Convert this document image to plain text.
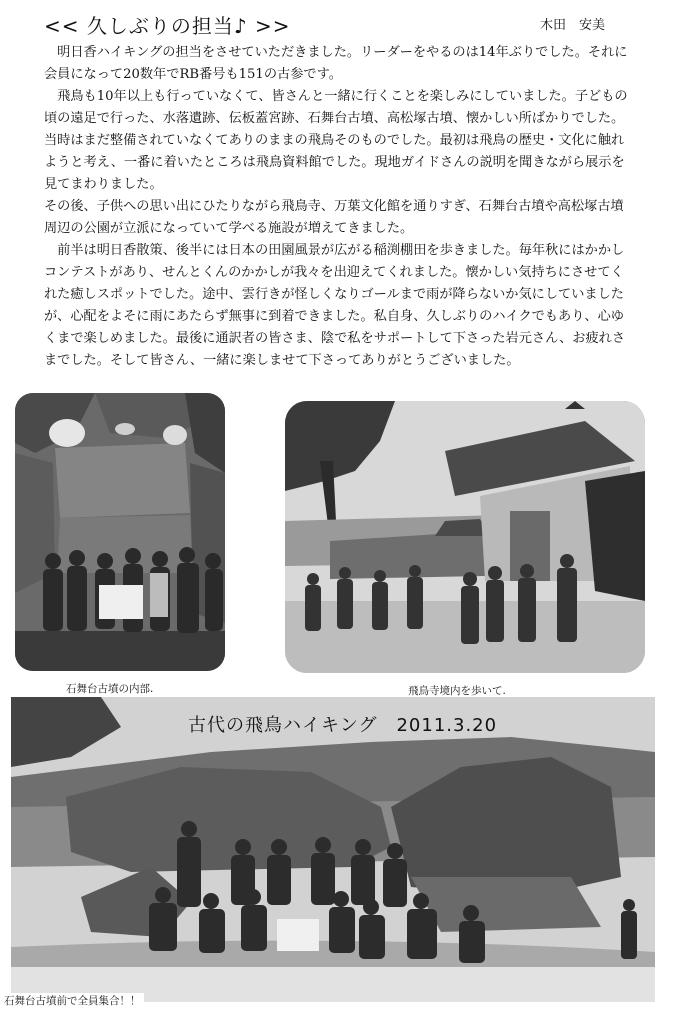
<< 久しぶりの担当♪ >>	木田　安美

　明日香ハイキングの担当をさせていただきました。リーダーをやるのは14年ぶりでした。それに
会員になって20数年でRB番号も151の古参です。

　飛鳥も10年以上も行っていなくて、皆さんと一緒に行くことを楽しみにしていました。子どもの
頃の遠足で行った、水落遺跡、伝板蓋宮跡、石舞台古墳、高松塚古墳、懐かしい所ばかりでした。
当時はまだ整備されていなくてありのままの飛鳥そのものでした。最初は飛鳥の歴史・文化に触れ
ようと考え、一番に着いたところは飛鳥資料館でした。現地ガイドさんの説明を聞きながら展示を
見てまわりました。

その後、子供への思い出にひたりながら飛鳥寺、万葉文化館を通りすぎ、石舞台古墳や高松塚古墳
周辺の公園が立派になっていて学べる施設が増えてきました。

　前半は明日香散策、後半には日本の田園風景が広がる稲渕棚田を歩きました。毎年秋にはかかし
コンテストがあり、せんとくんのかかしが我々を出迎えてくれました。懐かしい気持ちにさせてく
れた癒しスポットでした。途中、雲行きが怪しくなりゴールまで雨が降らないか気にしていました
が、心配をよそに雨にあたらず無事に到着できました。私自身、久しぶりのハイクでもあり、心ゆ
くまで楽しめました。最後に通訳者の皆さま、陰で私をサポートして下さった岩元さん、お疲れさ
までした。そして皆さん、一緒に楽しませて下さってありがとうございました。

古代の飛鳥ハイキング　2011.3.20
石舞台古墳の内部.	飛鳥寺境内を歩いて.
石舞台古墳前で全員集合！！
